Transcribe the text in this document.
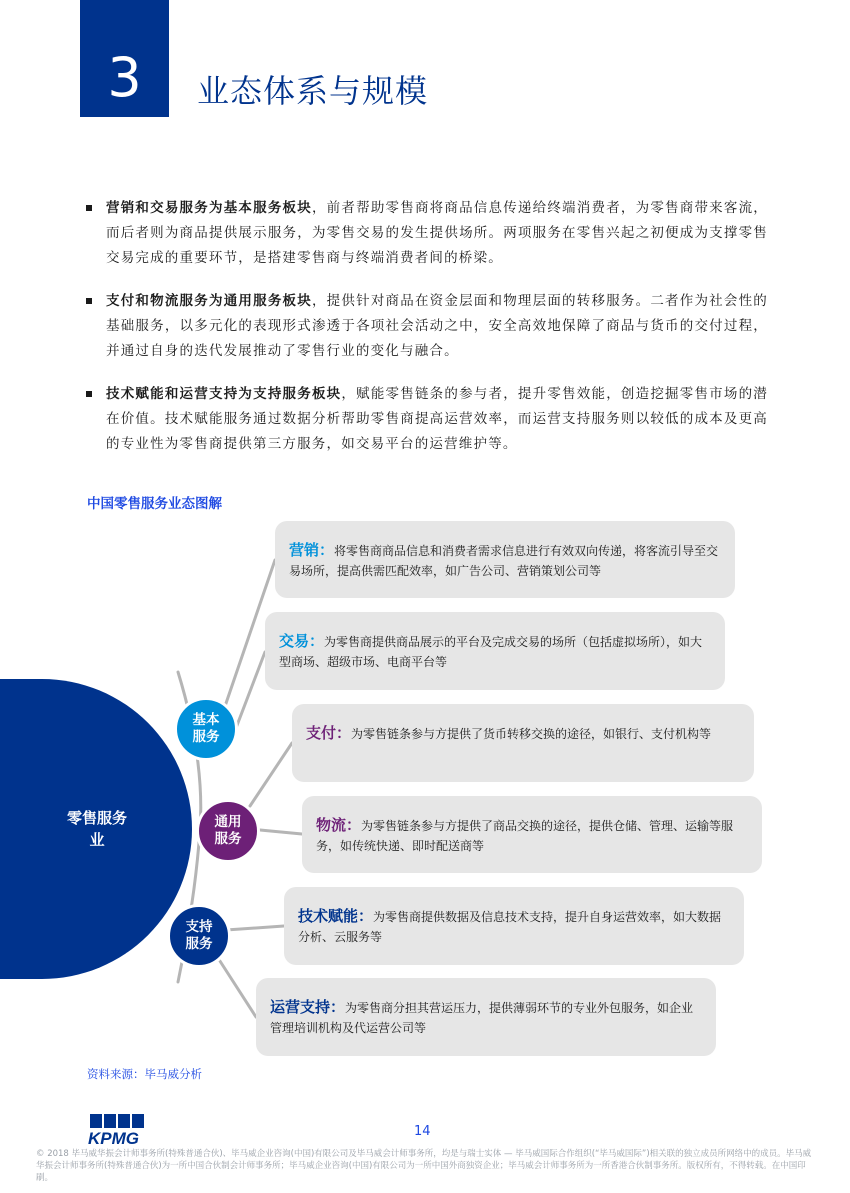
3 业态体系与规模
营销和交易服务为基本服务板块，前者帮助零售商将商品信息传递给终端消费者，为零售商带来客流，而后者则为商品提供展示服务，为零售交易的发生提供场所。两项服务在零售兴起之初便成为支撑零售交易完成的重要环节，是搭建零售商与终端消费者间的桥梁。
支付和物流服务为通用服务板块，提供针对商品在资金层面和物理层面的转移服务。二者作为社会性的基础服务，以多元化的表现形式渗透于各项社会活动之中，安全高效地保障了商品与货币的交付过程，并通过自身的迭代发展推动了零售行业的变化与融合。
技术赋能和运营支持为支持服务板块，赋能零售链条的参与者，提升零售效能，创造挖掘零售市场的潜在价值。技术赋能服务通过数据分析帮助零售商提高运营效率，而运营支持服务则以较低的成本及更高的专业性为零售商提供第三方服务，如交易平台的运营维护等。
中国零售服务业态图解
零售服务业
基本服务
通用服务
支持服务
营销：将零售商商品信息和消费者需求信息进行有效双向传递，将客流引导至交易场所，提高供需匹配效率，如广告公司、营销策划公司等
交易：为零售商提供商品展示的平台及完成交易的场所（包括虚拟场所），如大型商场、超级市场、电商平台等
支付：为零售链条参与方提供了货币转移交换的途径，如银行、支付机构等
物流：为零售链条参与方提供了商品交换的途径，提供仓储、管理、运输等服务，如传统快递、即时配送商等
技术赋能：为零售商提供数据及信息技术支持，提升自身运营效率，如大数据分析、云服务等
运营支持：为零售商分担其营运压力，提供薄弱环节的专业外包服务，如企业管理培训机构及代运营公司等
资料来源：毕马威分析
KPMG	14
© 2018 毕马威华振会计师事务所(特殊普通合伙)、毕马威企业咨询(中国)有限公司及毕马威会计师事务所，均是与瑞士实体 — 毕马威国际合作组织(“毕马威国际”)相关联的独立成员所网络中的成员。毕马威华振会计师事务所(特殊普通合伙)为一所中国合伙制会计师事务所；毕马威企业咨询(中国)有限公司为一所中国外商独资企业；毕马威会计师事务所为一所香港合伙制事务所。版权所有，不得转载。在中国印刷。
